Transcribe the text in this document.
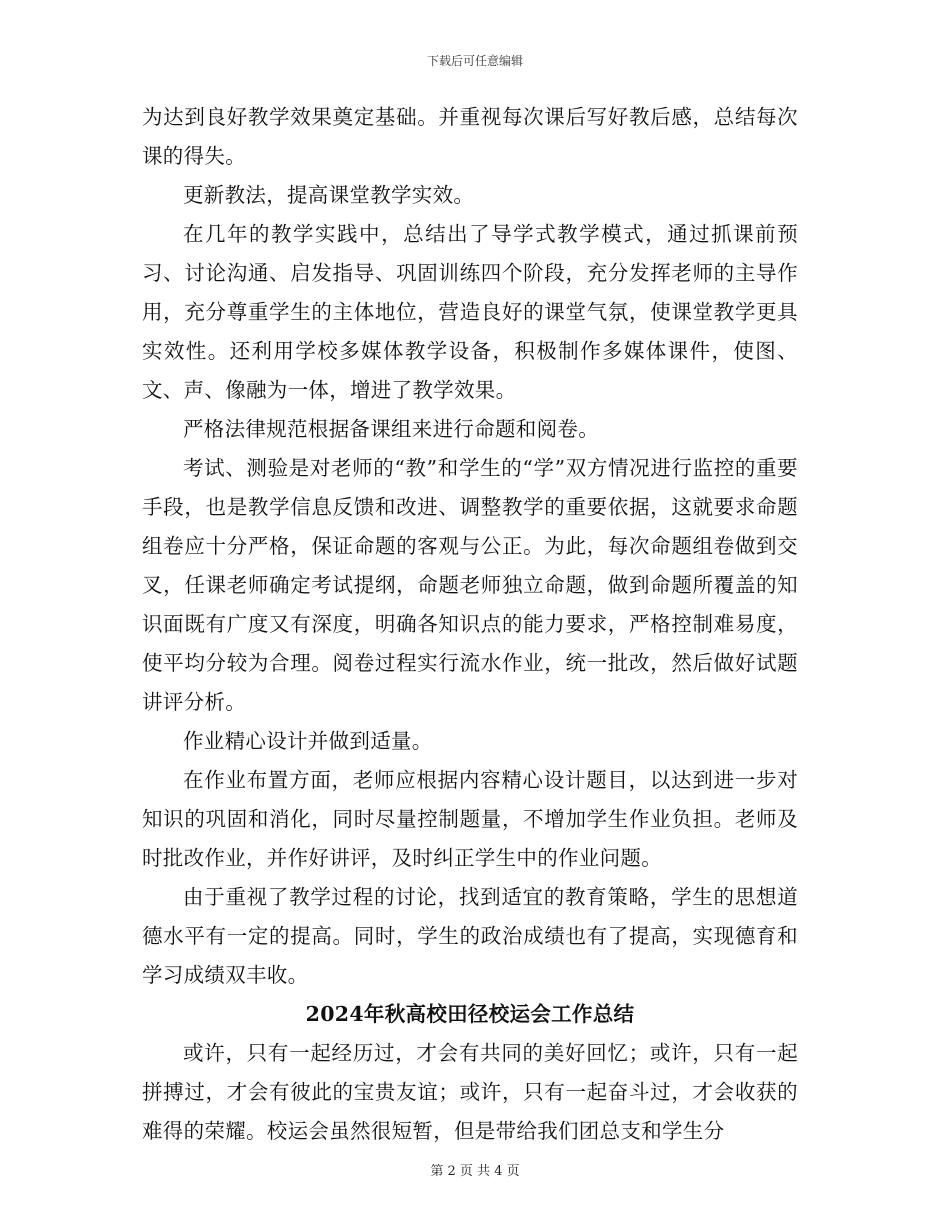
下载后可任意编辑

为达到良好教学效果奠定基础。并重视每次课后写好教后感，总结每次课的得失。

更新教法，提高课堂教学实效。

在几年的教学实践中，总结出了导学式教学模式，通过抓课前预习、讨论沟通、启发指导、巩固训练四个阶段，充分发挥老师的主导作用，充分尊重学生的主体地位，营造良好的课堂气氛，使课堂教学更具实效性。还利用学校多媒体教学设备，积极制作多媒体课件，使图、文、声、像融为一体，增进了教学效果。

严格法律规范根据备课组来进行命题和阅卷。

考试、测验是对老师的“教”和学生的“学”双方情况进行监控的重要手段，也是教学信息反馈和改进、调整教学的重要依据，这就要求命题组卷应十分严格，保证命题的客观与公正。为此，每次命题组卷做到交叉，任课老师确定考试提纲，命题老师独立命题，做到命题所覆盖的知识面既有广度又有深度，明确各知识点的能力要求，严格控制难易度，使平均分较为合理。阅卷过程实行流水作业，统一批改，然后做好试题讲评分析。

作业精心设计并做到适量。

在作业布置方面，老师应根据内容精心设计题目，以达到进一步对知识的巩固和消化，同时尽量控制题量，不增加学生作业负担。老师及时批改作业，并作好讲评，及时纠正学生中的作业问题。

由于重视了教学过程的讨论，找到适宜的教育策略，学生的思想道德水平有一定的提高。同时，学生的政治成绩也有了提高，实现德育和学习成绩双丰收。

2024年秋高校田径校运会工作总结

或许，只有一起经历过，才会有共同的美好回忆；或许，只有一起拼搏过，才会有彼此的宝贵友谊；或许，只有一起奋斗过，才会收获的难得的荣耀。校运会虽然很短暂，但是带给我们团总支和学生分

第 2 页 共 4 页
